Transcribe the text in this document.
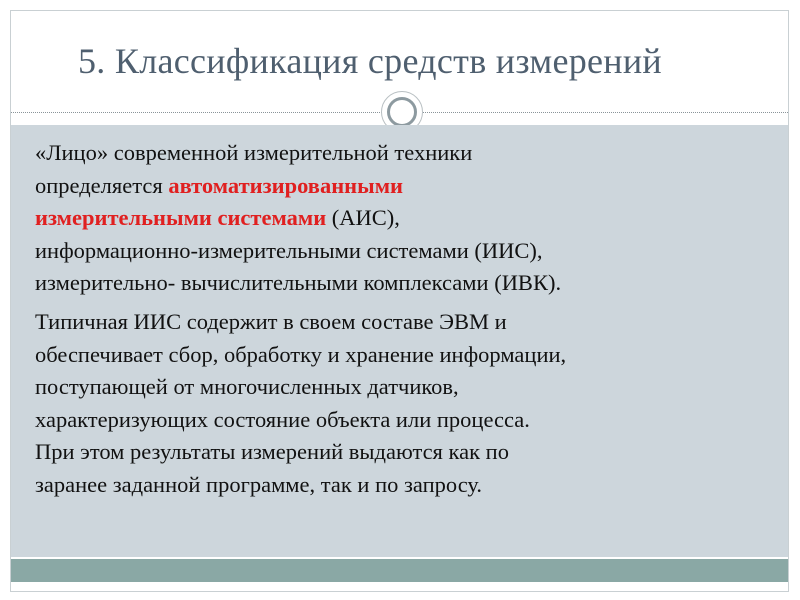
5. Классификация средств измерений

«Лицо» современной измерительной техники
определяется автоматизированными
измерительными системами (АИС),
информационно-измерительными системами (ИИС),
измерительно- вычислительными комплексами (ИВК).

Типичная ИИС содержит в своем составе ЭВМ и
обеспечивает сбор, обработку и хранение информации,
поступающей от многочисленных датчиков,
характеризующих состояние объекта или процесса.
При этом результаты измерений выдаются как по
заранее заданной программе, так и по запросу.
